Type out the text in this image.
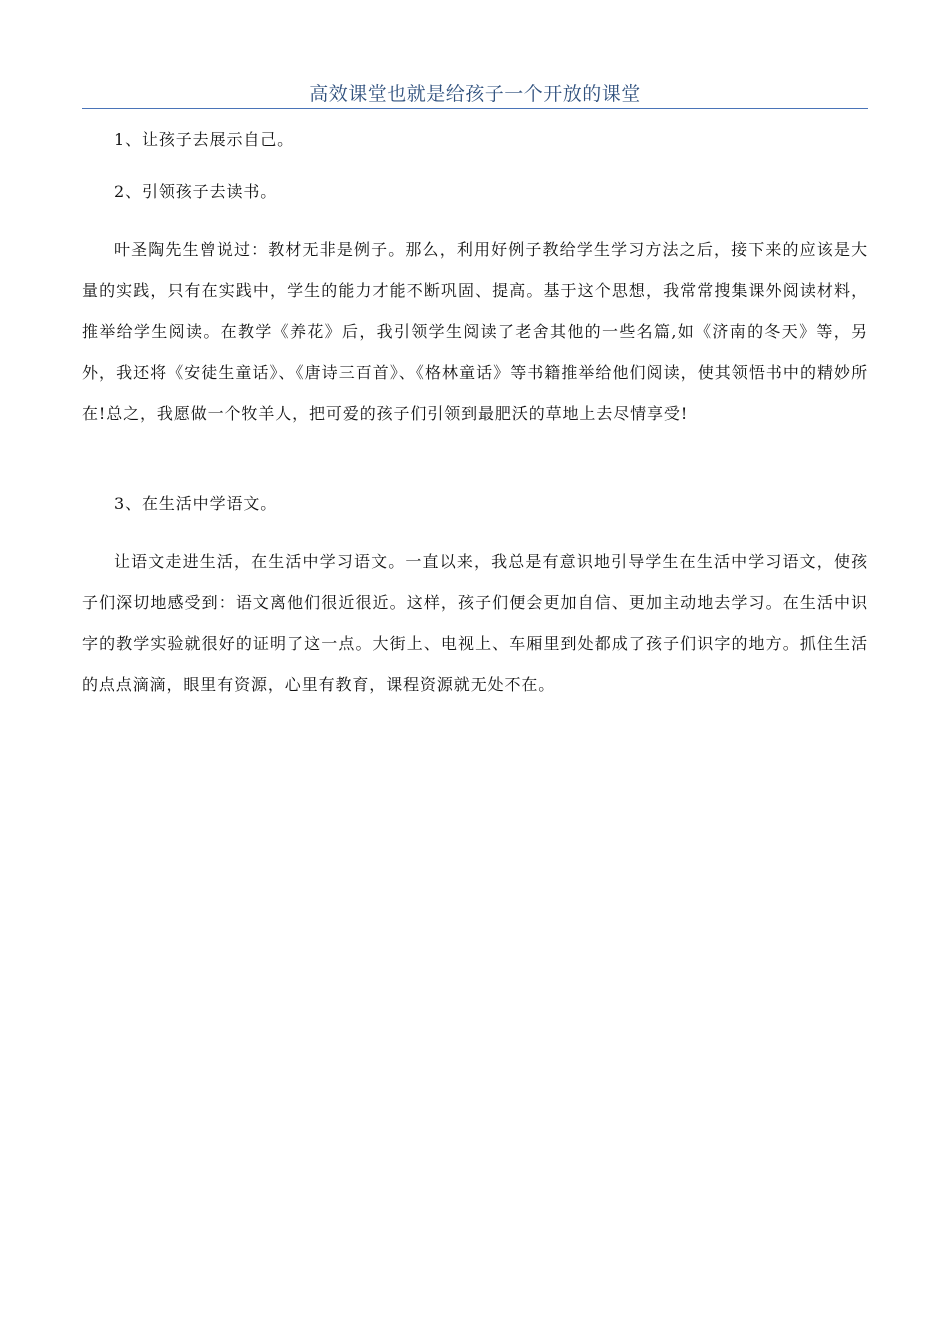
高效课堂也就是给孩子一个开放的课堂

1、让孩子去展示自己。

2、引领孩子去读书。

叶圣陶先生曾说过：教材无非是例子。那么，利用好例子教给学生学习方法之后，接下来的应该是大量的实践，只有在实践中，学生的能力才能不断巩固、提高。基于这个思想，我常常搜集课外阅读材料，推举给学生阅读。在教学《养花》后，我引领学生阅读了老舍其他的一些名篇,如《济南的冬天》等，另外，我还将《安徒生童话》、《唐诗三百首》、《格林童话》等书籍推举给他们阅读，使其领悟书中的精妙所在!总之，我愿做一个牧羊人，把可爱的孩子们引领到最肥沃的草地上去尽情享受!

3、在生活中学语文。

让语文走进生活，在生活中学习语文。一直以来，我总是有意识地引导学生在生活中学习语文，使孩子们深切地感受到：语文离他们很近很近。这样，孩子们便会更加自信、更加主动地去学习。在生活中识字的教学实验就很好的证明了这一点。大街上、电视上、车厢里到处都成了孩子们识字的地方。抓住生活的点点滴滴，眼里有资源，心里有教育，课程资源就无处不在。
